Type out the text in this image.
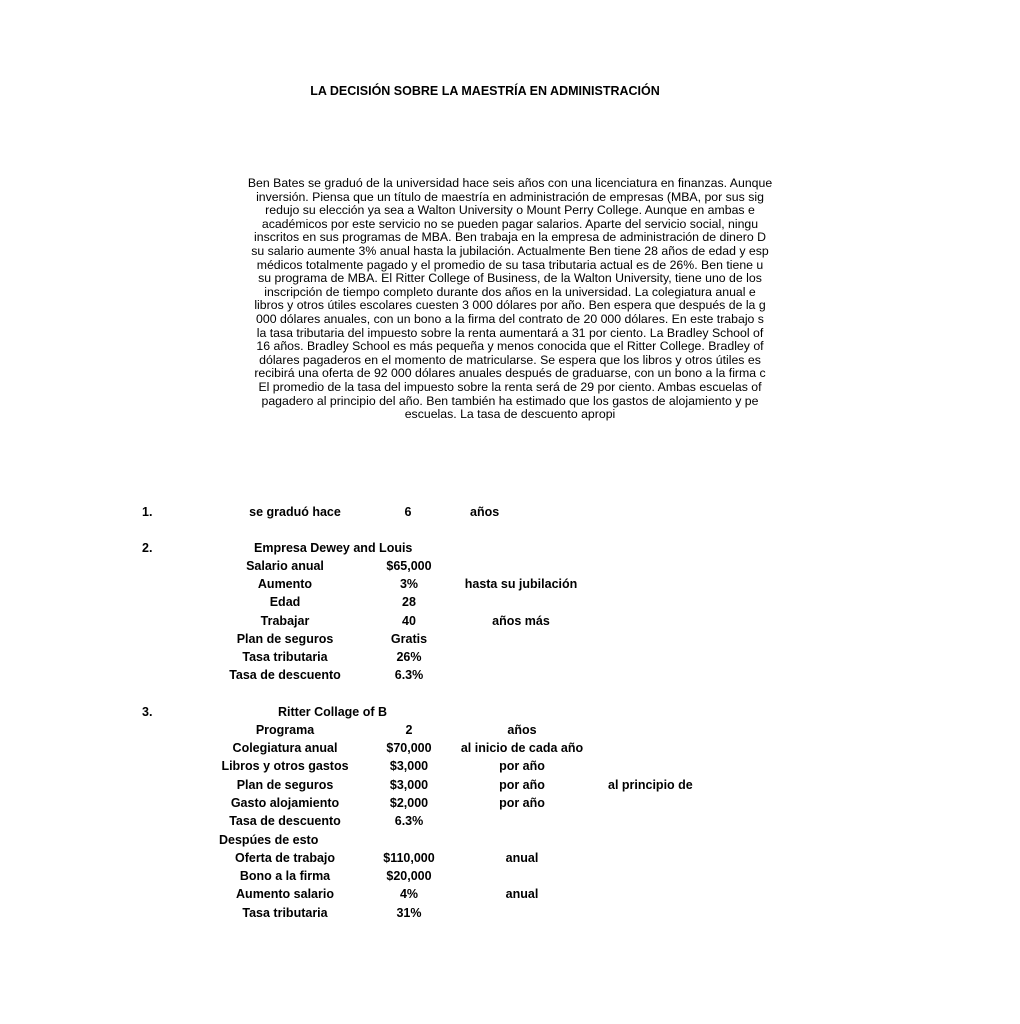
LA DECISIÓN SOBRE LA MAESTRÍA EN ADMINISTRACIÓN
Ben Bates se graduó de la universidad hace seis años con una licenciatura en finanzas. Aunque
inversión. Piensa que un título de maestría en administración de empresas (MBA, por sus sig
redujo su elección ya sea a Walton University o Mount Perry College. Aunque en ambas e
académicos por este servicio no se pueden pagar salarios. Aparte del servicio social, ningu
inscritos en sus programas de MBA. Ben trabaja en la empresa de administración de dinero D
su salario aumente 3% anual hasta la jubilación. Actualmente Ben tiene 28 años de edad y esp
médicos totalmente pagado y el promedio de su tasa tributaria actual es de 26%. Ben tiene u
su programa de MBA. El Ritter College of Business, de la Walton University, tiene uno de los
inscripción de tiempo completo durante dos años en la universidad. La colegiatura anual e
libros y otros útiles escolares cuesten 3 000 dólares por año. Ben espera que después de la g
000 dólares anuales, con un bono a la firma del contrato de 20 000 dólares. En este trabajo s
la tasa tributaria del impuesto sobre la renta aumentará a 31 por ciento. La Bradley School of
16 años. Bradley School es más pequeña y menos conocida que el Ritter College. Bradley of
dólares pagaderos en el momento de matricularse. Se espera que los libros y otros útiles es
recibirá una oferta de 92 000 dólares anuales después de graduarse, con un bono a la firma c
El promedio de la tasa del impuesto sobre la renta será de 29 por ciento. Ambas escuelas of
pagadero al principio del año. Ben también ha estimado que los gastos de alojamiento y pe
escuelas. La tasa de descuento apropi
1.	se graduó hace	6	años
2.	Empresa Dewey and Louis
Salario anual	$65,000
Aumento	3%	hasta su jubilación
Edad	28
Trabajar	40	años más
Plan de seguros	Gratis
Tasa tributaria	26%
Tasa de descuento	6.3%
3.	Ritter Collage of B
Programa	2	años
Colegiatura anual	$70,000	al inicio de cada año
Libros y otros gastos	$3,000	por año
Plan de seguros	$3,000	por año	al principio de
Gasto alojamiento	$2,000	por año
Tasa de descuento	6.3%
Despúes de esto
Oferta de trabajo	$110,000	anual
Bono a la firma	$20,000
Aumento salario	4%	anual
Tasa tributaria	31%
